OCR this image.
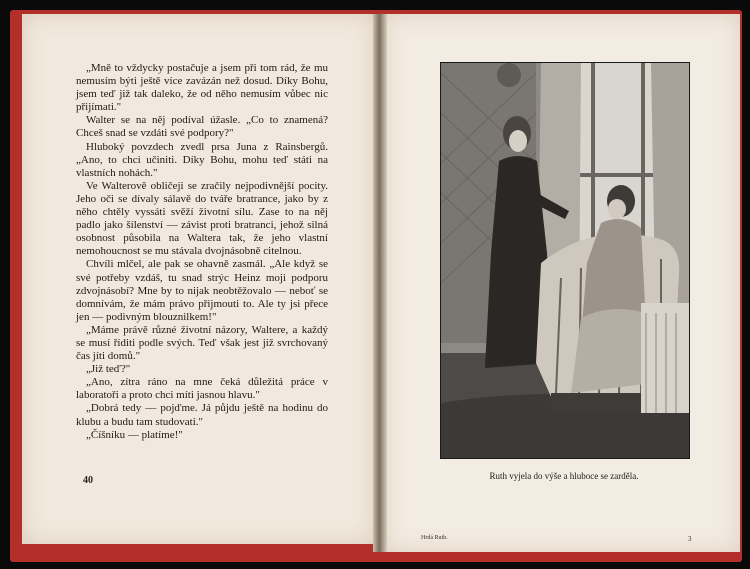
„Mně to vždycky postačuje a jsem při tom rád, že mu nemusím býti ještě více zavázán než dosud. Díky Bohu, jsem teď již tak daleko, že od něho nemusím vůbec nic přijímati."

Walter se na něj podíval úžasle. „Co to znamená? Chceš snad se vzdáti své podpory?"

Hluboký povzdech zvedl prsa Juna z Rainsbergů. „Ano, to chci učiniti. Díky Bohu, mohu teď státi na vlastních nohách."

Ve Walterově obličeji se zračily nejpodivnější pocity. Jeho oči se dívaly sálavě do tváře bratrance, jako by z něho chtěly vyssáti svěží životní sílu. Zase to na něj padlo jako šílenství — závist proti bratranci, jehož silná osobnost působila na Waltera tak, že jeho vlastní nemohoucnost se mu stávala dvojnásobně citelnou.

Chvíli mlčel, ale pak se ohavně zasmál. „Ale když se své potřeby vzdáš, tu snad strýc Heinz moji podporu zdvojnásobí? Mne by to nijak neobtěžovalo — neboť se domnívám, že mám právo přijmouti to. Ale ty jsi přece jen — podivným blouznilkem!"

„Máme právě různé životní názory, Waltere, a každý se musí říditi podle svých. Teď však jest již svrchovaný čas jíti domů."

„Již teď?"

„Ano, zítra ráno na mne čeká důležitá práce v laboratoři a proto chci míti jasnou hlavu."

„Dobrá tedy — pojďme. Já půjdu ještě na hodinu do klubu a budu tam studovati."

„Číšníku — platíme!"

40	Ruth vyjela do výše a hluboce se zarděla.
Hrdá Ruth.	3
